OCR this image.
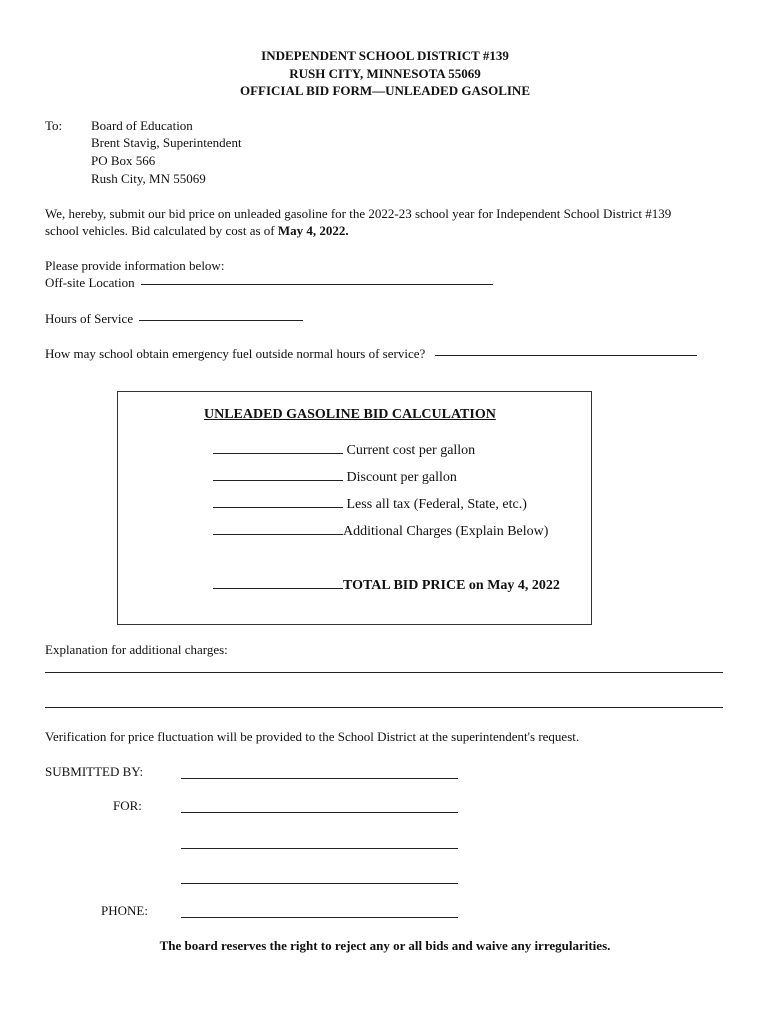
INDEPENDENT SCHOOL DISTRICT #139
RUSH CITY, MINNESOTA 55069
OFFICIAL BID FORM—UNLEADED GASOLINE
To: Board of Education
Brent Stavig, Superintendent
PO Box 566
Rush City, MN 55069
We, hereby, submit our bid price on unleaded gasoline for the 2022-23 school year for Independent School District #139
school vehicles. Bid calculated by cost as of May 4, 2022.
Please provide information below:
Off-site Location
Hours of Service
How may school obtain emergency fuel outside normal hours of service?
UNLEADED GASOLINE BID CALCULATION
Current cost per gallon
Discount per gallon
Less all tax (Federal, State, etc.)
Additional Charges (Explain Below)
TOTAL BID PRICE on May 4, 2022
Explanation for additional charges:
Verification for price fluctuation will be provided to the School District at the superintendent's request.
SUBMITTED BY:
FOR:
PHONE:
The board reserves the right to reject any or all bids and waive any irregularities.
